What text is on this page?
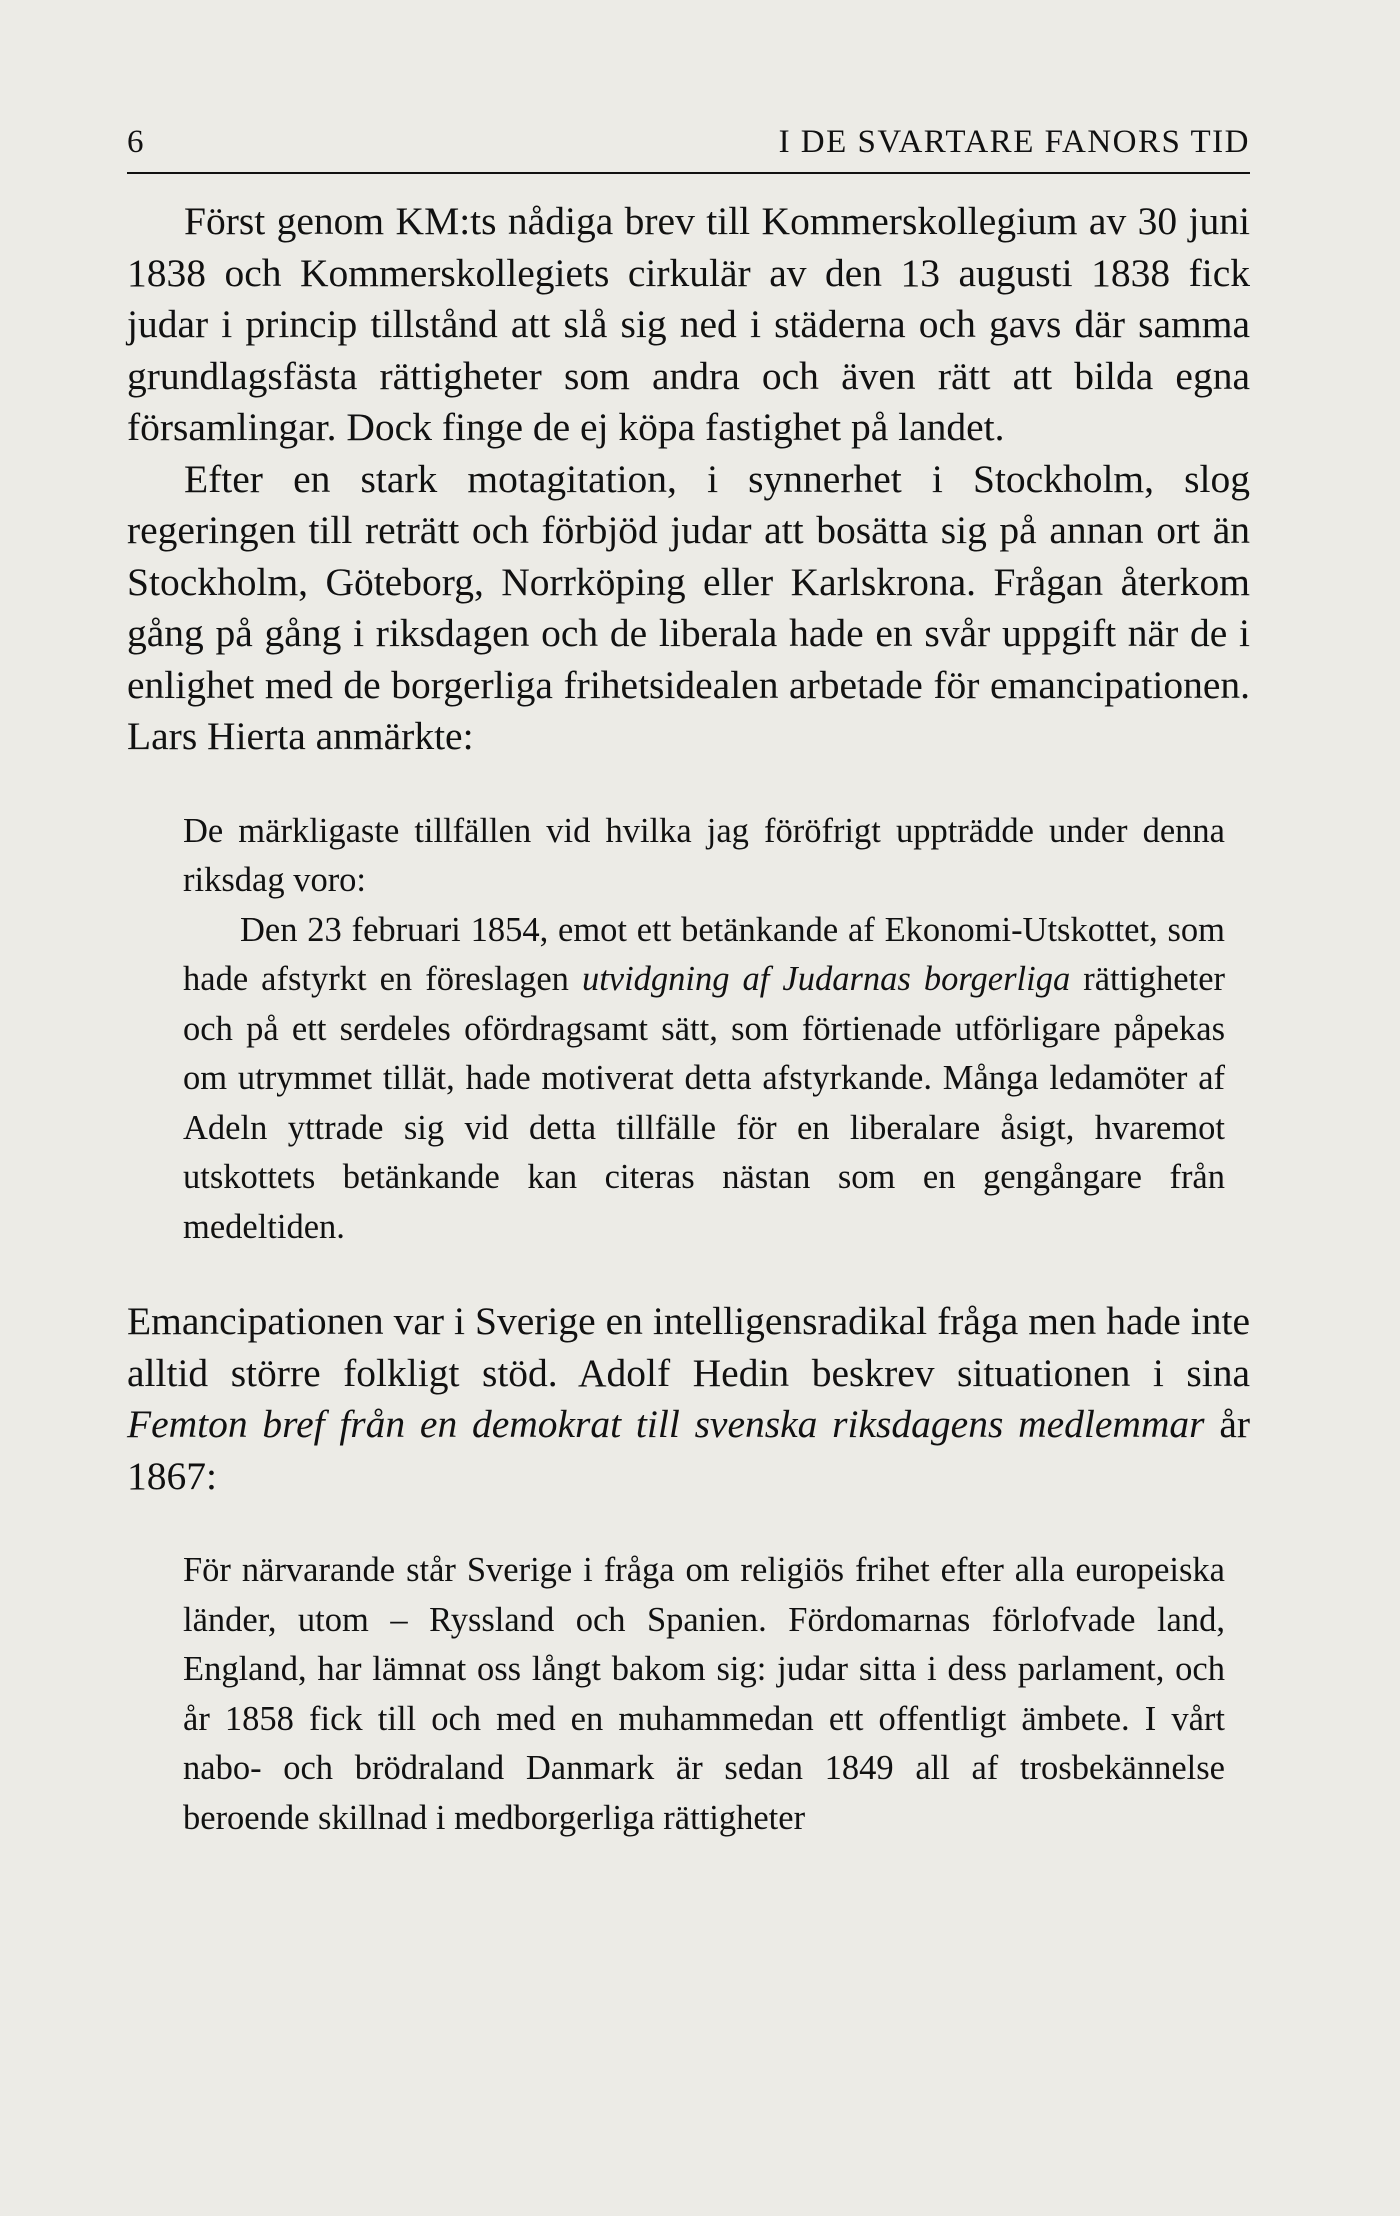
6	I DE SVARTARE FANORS TID

Först genom KM:ts nådiga brev till Kommerskollegium av 30 juni 1838 och Kommerskollegiets cirkulär av den 13 augusti 1838 fick judar i princip tillstånd att slå sig ned i städerna och gavs där samma grundlagsfästa rättigheter som andra och även rätt att bilda egna församlingar. Dock finge de ej köpa fastighet på landet.

Efter en stark motagitation, i synnerhet i Stockholm, slog regeringen till reträtt och förbjöd judar att bosätta sig på annan ort än Stockholm, Göteborg, Norrköping eller Karlskrona. Frågan återkom gång på gång i riksdagen och de liberala hade en svår uppgift när de i enlighet med de borgerliga frihetsidealen arbetade för emancipationen. Lars Hierta anmärkte:

De märkligaste tillfällen vid hvilka jag föröfrigt uppträdde under denna riksdag voro:

Den 23 februari 1854, emot ett betänkande af Ekonomi-Utskottet, som hade afstyrkt en föreslagen utvidgning af Judarnas borgerliga rättigheter och på ett serdeles ofördragsamt sätt, som förtienade utförligare påpekas om utrymmet tillät, hade motiverat detta afstyrkande. Många ledamöter af Adeln yttrade sig vid detta tillfälle för en liberalare åsigt, hvaremot utskottets betänkande kan citeras nästan som en gengångare från medeltiden.

Emancipationen var i Sverige en intelligensradikal fråga men hade inte alltid större folkligt stöd. Adolf Hedin beskrev situationen i sina Femton bref från en demokrat till svenska riksdagens medlemmar år 1867:

För närvarande står Sverige i fråga om religiös frihet efter alla europeiska länder, utom – Ryssland och Spanien. Fördomarnas förlofvade land, England, har lämnat oss långt bakom sig: judar sitta i dess parlament, och år 1858 fick till och med en muhammedan ett offentligt ämbete. I vårt nabo- och brödraland Danmark är sedan 1849 all af trosbekännelse beroende skillnad i medborgerliga rättigheter
